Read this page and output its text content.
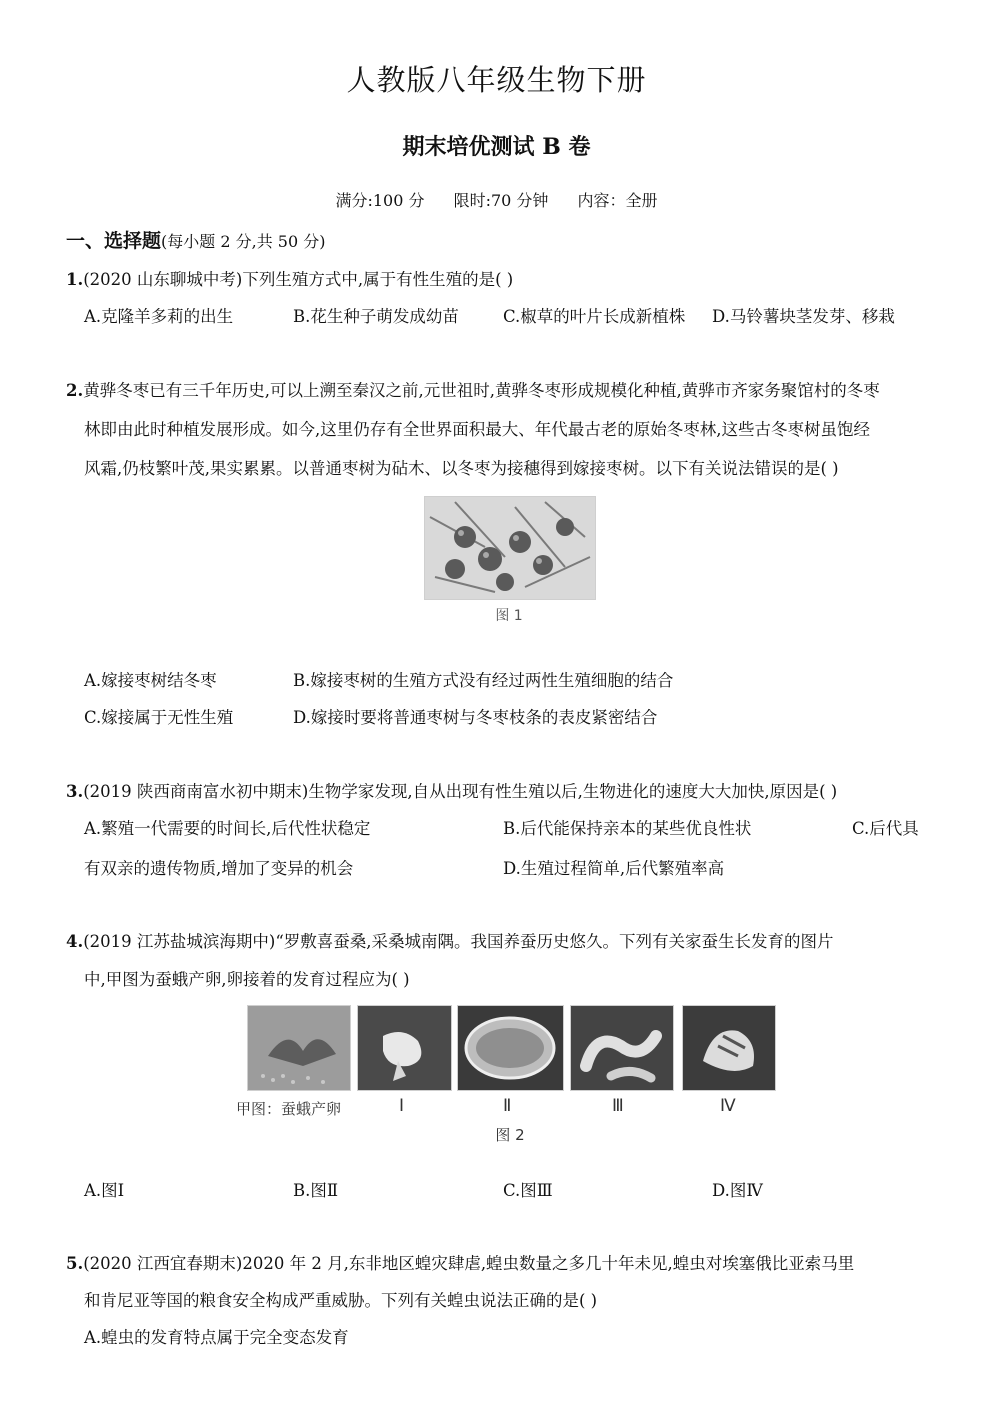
人教版八年级生物下册
期末培优测试 B 卷
满分:100 分 限时:70 分钟 内容：全册
一、选择题(每小题 2 分,共 50 分)
1.(2020 山东聊城中考)下列生殖方式中,属于有性生殖的是( )
A.克隆羊多莉的出生	B.花生种子萌发成幼苗	C.椒草的叶片长成新植株 D.马铃薯块茎发芽、移栽
2.黄骅冬枣已有三千年历史,可以上溯至秦汉之前,元世祖时,黄骅冬枣形成规模化种植,黄骅市齐家务聚馆村的冬枣
林即由此时种植发展形成。如今,这里仍存有全世界面积最大、年代最古老的原始冬枣林,这些古冬枣树虽饱经
风霜,仍枝繁叶茂,果实累累。以普通枣树为砧木、以冬枣为接穗得到嫁接枣树。以下有关说法错误的是( )
图 1
A.嫁接枣树结冬枣	B.嫁接枣树的生殖方式没有经过两性生殖细胞的结合
C.嫁接属于无性生殖	D.嫁接时要将普通枣树与冬枣枝条的表皮紧密结合
3.(2019 陕西商南富水初中期末)生物学家发现,自从出现有性生殖以后,生物进化的速度大大加快,原因是( )
A.繁殖一代需要的时间长,后代性状稳定	B.后代能保持亲本的某些优良性状	C.后代具
有双亲的遗传物质,增加了变异的机会	D.生殖过程简单,后代繁殖率高
4.(2019 江苏盐城滨海期中)“罗敷喜蚕桑,采桑城南隅。我国养蚕历史悠久。下列有关家蚕生长发育的图片
中,甲图为蚕蛾产卵,卵接着的发育过程应为( )
甲图：蚕蛾产卵	Ⅰ	Ⅱ	Ⅲ	Ⅳ
图 2
A.图Ⅰ	B.图Ⅱ	C.图Ⅲ	D.图Ⅳ
5.(2020 江西宜春期末)2020 年 2 月,东非地区蝗灾肆虐,蝗虫数量之多几十年未见,蝗虫对埃塞俄比亚索马里
和肯尼亚等国的粮食安全构成严重威胁。下列有关蝗虫说法正确的是( )
A.蝗虫的发育特点属于完全变态发育
